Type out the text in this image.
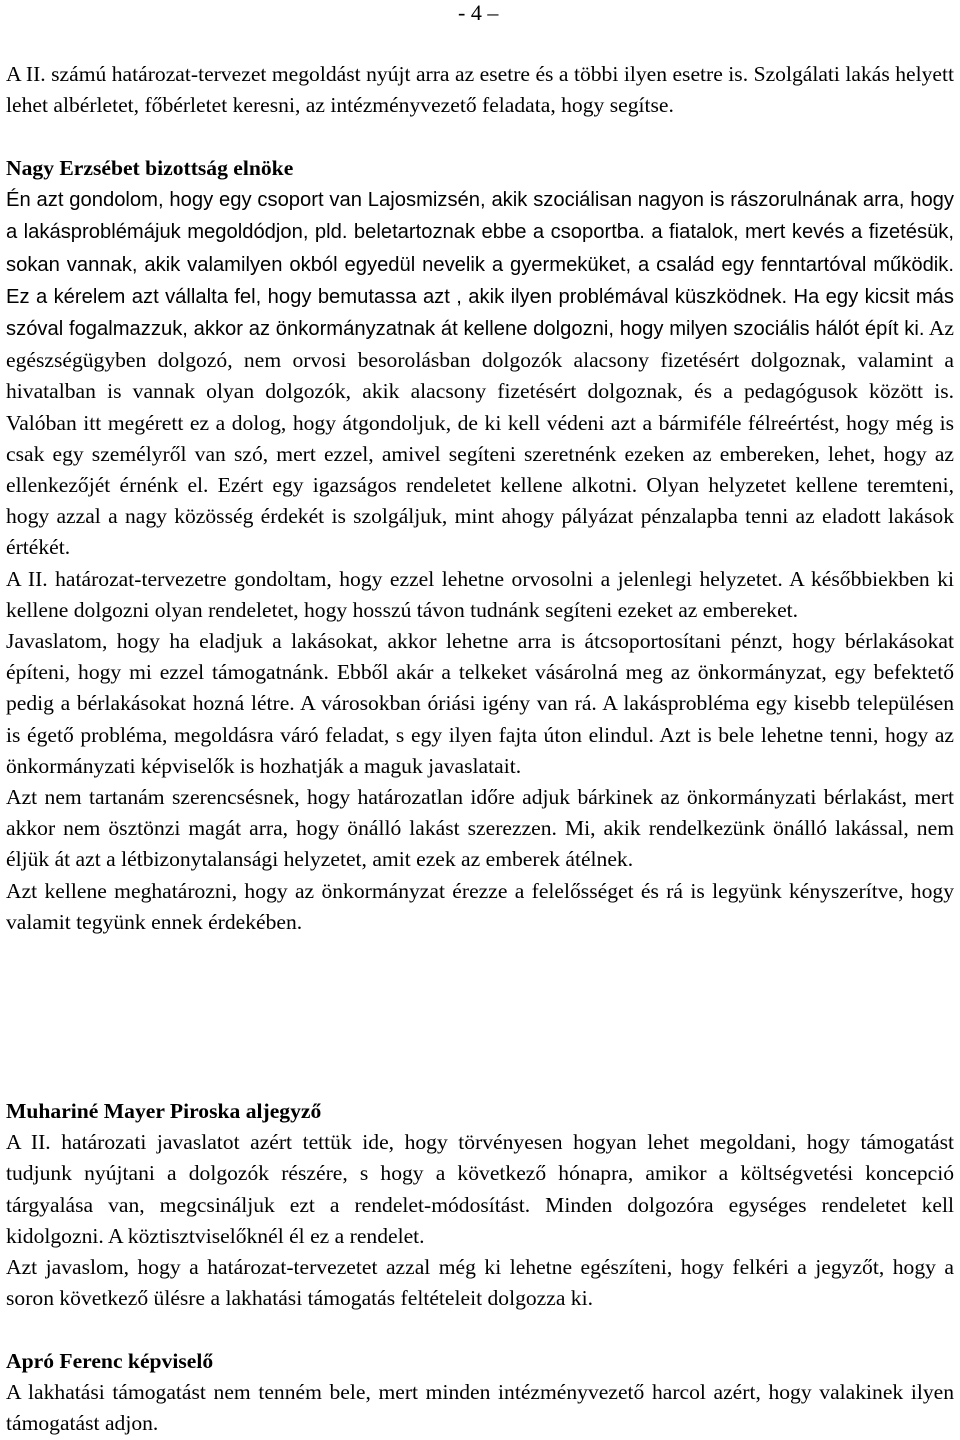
- 4 –

A II. számú határozat-tervezet megoldást nyújt arra az esetre és a többi ilyen esetre is. Szolgálati lakás helyett lehet albérletet, főbérletet keresni, az intézményvezető feladata, hogy segítse.

Nagy Erzsébet bizottság elnöke

Én azt gondolom, hogy egy csoport van Lajosmizsén, akik szociálisan nagyon is rászorulnának arra, hogy a lakásproblémájuk megoldódjon, pld. beletartoznak ebbe a csoportba. a fiatalok, mert kevés a fizetésük, sokan vannak, akik valamilyen okból egyedül nevelik a gyermeküket, a család egy fenntartóval működik. Ez a kérelem azt vállalta fel, hogy bemutassa azt , akik ilyen problémával küszködnek. Ha egy kicsit más szóval fogalmazzuk, akkor az önkormányzatnak át kellene dolgozni, hogy milyen szociális hálót épít ki. Az egészségügyben dolgozó, nem orvosi besorolásban dolgozók alacsony fizetésért dolgoznak, valamint a hivatalban is vannak olyan dolgozók, akik alacsony fizetésért dolgoznak, és a pedagógusok között is. Valóban itt megérett ez a dolog, hogy átgondoljuk, de ki kell védeni azt a bármiféle félreértést, hogy még is csak egy személyről van szó, mert ezzel, amivel segíteni szeretnénk ezeken az embereken, lehet, hogy az ellenkezőjét érnénk el. Ezért egy igazságos rendeletet kellene alkotni. Olyan helyzetet kellene teremteni, hogy azzal a nagy közösség érdekét is szolgáljuk, mint ahogy pályázat pénzalapba tenni az eladott lakások értékét.

A II. határozat-tervezetre gondoltam, hogy ezzel lehetne orvosolni a jelenlegi helyzetet. A későbbiekben ki kellene dolgozni olyan rendeletet, hogy hosszú távon tudnánk segíteni ezeket az embereket.

Javaslatom, hogy ha eladjuk a lakásokat, akkor lehetne arra is átcsoportosítani pénzt, hogy bérlakásokat építeni, hogy mi ezzel támogatnánk. Ebből akár a telkeket vásárolná meg az önkormányzat, egy befektető pedig a bérlakásokat hozná létre. A városokban óriási igény van rá. A lakásprobléma egy kisebb településen is égető probléma, megoldásra váró feladat, s egy ilyen fajta úton elindul. Azt is bele lehetne tenni, hogy az önkormányzati képviselők is hozhatják a maguk javaslatait.

Azt nem tartanám szerencsésnek, hogy határozatlan időre adjuk bárkinek az önkormányzati bérlakást, mert akkor nem ösztönzi magát arra, hogy önálló lakást szerezzen. Mi, akik rendelkezünk önálló lakással, nem éljük át azt a létbizonytalansági helyzetet, amit ezek az emberek átélnek.

Azt kellene meghatározni, hogy az önkormányzat érezze a felelősséget és rá is legyünk kényszerítve, hogy valamit tegyünk ennek érdekében.

Muhariné Mayer Piroska aljegyző

A II. határozati javaslatot azért tettük ide, hogy törvényesen hogyan lehet megoldani, hogy támogatást tudjunk nyújtani a dolgozók részére, s hogy a következő hónapra, amikor a költségvetési koncepció tárgyalása van, megcsináljuk ezt a rendelet-módosítást. Minden dolgozóra egységes rendeletet kell kidolgozni. A köztisztviselőknél él ez a rendelet.

Azt javaslom, hogy a határozat-tervezetet azzal még ki lehetne egészíteni, hogy felkéri a jegyzőt, hogy a soron következő ülésre a lakhatási támogatás feltételeit dolgozza ki.

Apró Ferenc képviselő

A lakhatási támogatást nem tenném bele, mert minden intézményvezető harcol azért, hogy valakinek ilyen támogatást adjon.
